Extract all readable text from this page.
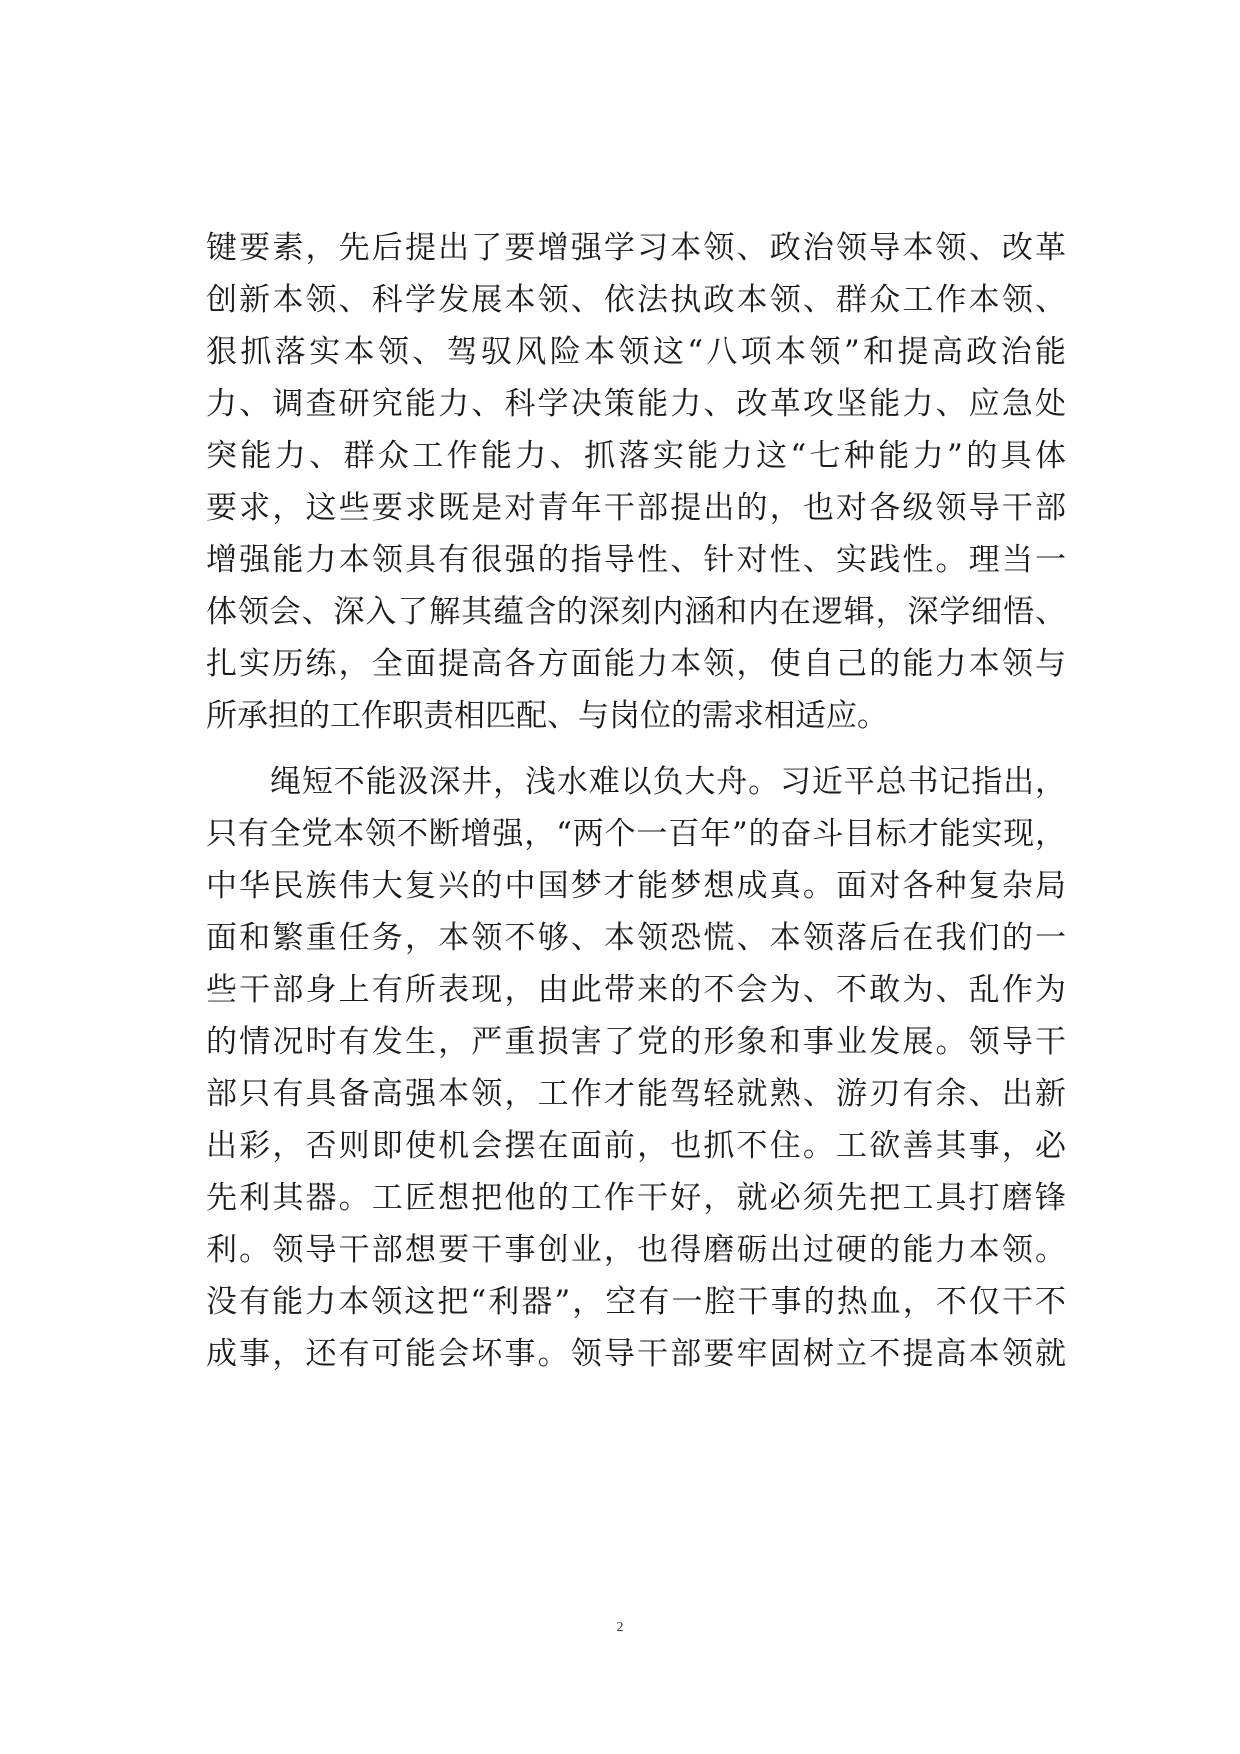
键要素，先后提出了要增强学习本领、政治领导本领、改革
创新本领、科学发展本领、依法执政本领、群众工作本领、
狠抓落实本领、驾驭风险本领这“八项本领”和提高政治能
力、调查研究能力、科学决策能力、改革攻坚能力、应急处
突能力、群众工作能力、抓落实能力这“七种能力”的具体
要求，这些要求既是对青年干部提出的，也对各级领导干部
增强能力本领具有很强的指导性、针对性、实践性。理当一
体领会、深入了解其蕴含的深刻内涵和内在逻辑，深学细悟、
扎实历练，全面提高各方面能力本领，使自己的能力本领与
所承担的工作职责相匹配、与岗位的需求相适应。
绳短不能汲深井，浅水难以负大舟。习近平总书记指出，
只有全党本领不断增强，“两个一百年”的奋斗目标才能实现，
中华民族伟大复兴的中国梦才能梦想成真。面对各种复杂局
面和繁重任务，本领不够、本领恐慌、本领落后在我们的一
些干部身上有所表现，由此带来的不会为、不敢为、乱作为
的情况时有发生，严重损害了党的形象和事业发展。领导干
部只有具备高强本领，工作才能驾轻就熟、游刃有余、出新
出彩，否则即使机会摆在面前，也抓不住。工欲善其事，必
先利其器。工匠想把他的工作干好，就必须先把工具打磨锋
利。领导干部想要干事创业，也得磨砺出过硬的能力本领。
没有能力本领这把“利器”，空有一腔干事的热血，不仅干不
成事，还有可能会坏事。领导干部要牢固树立不提高本领就
2
